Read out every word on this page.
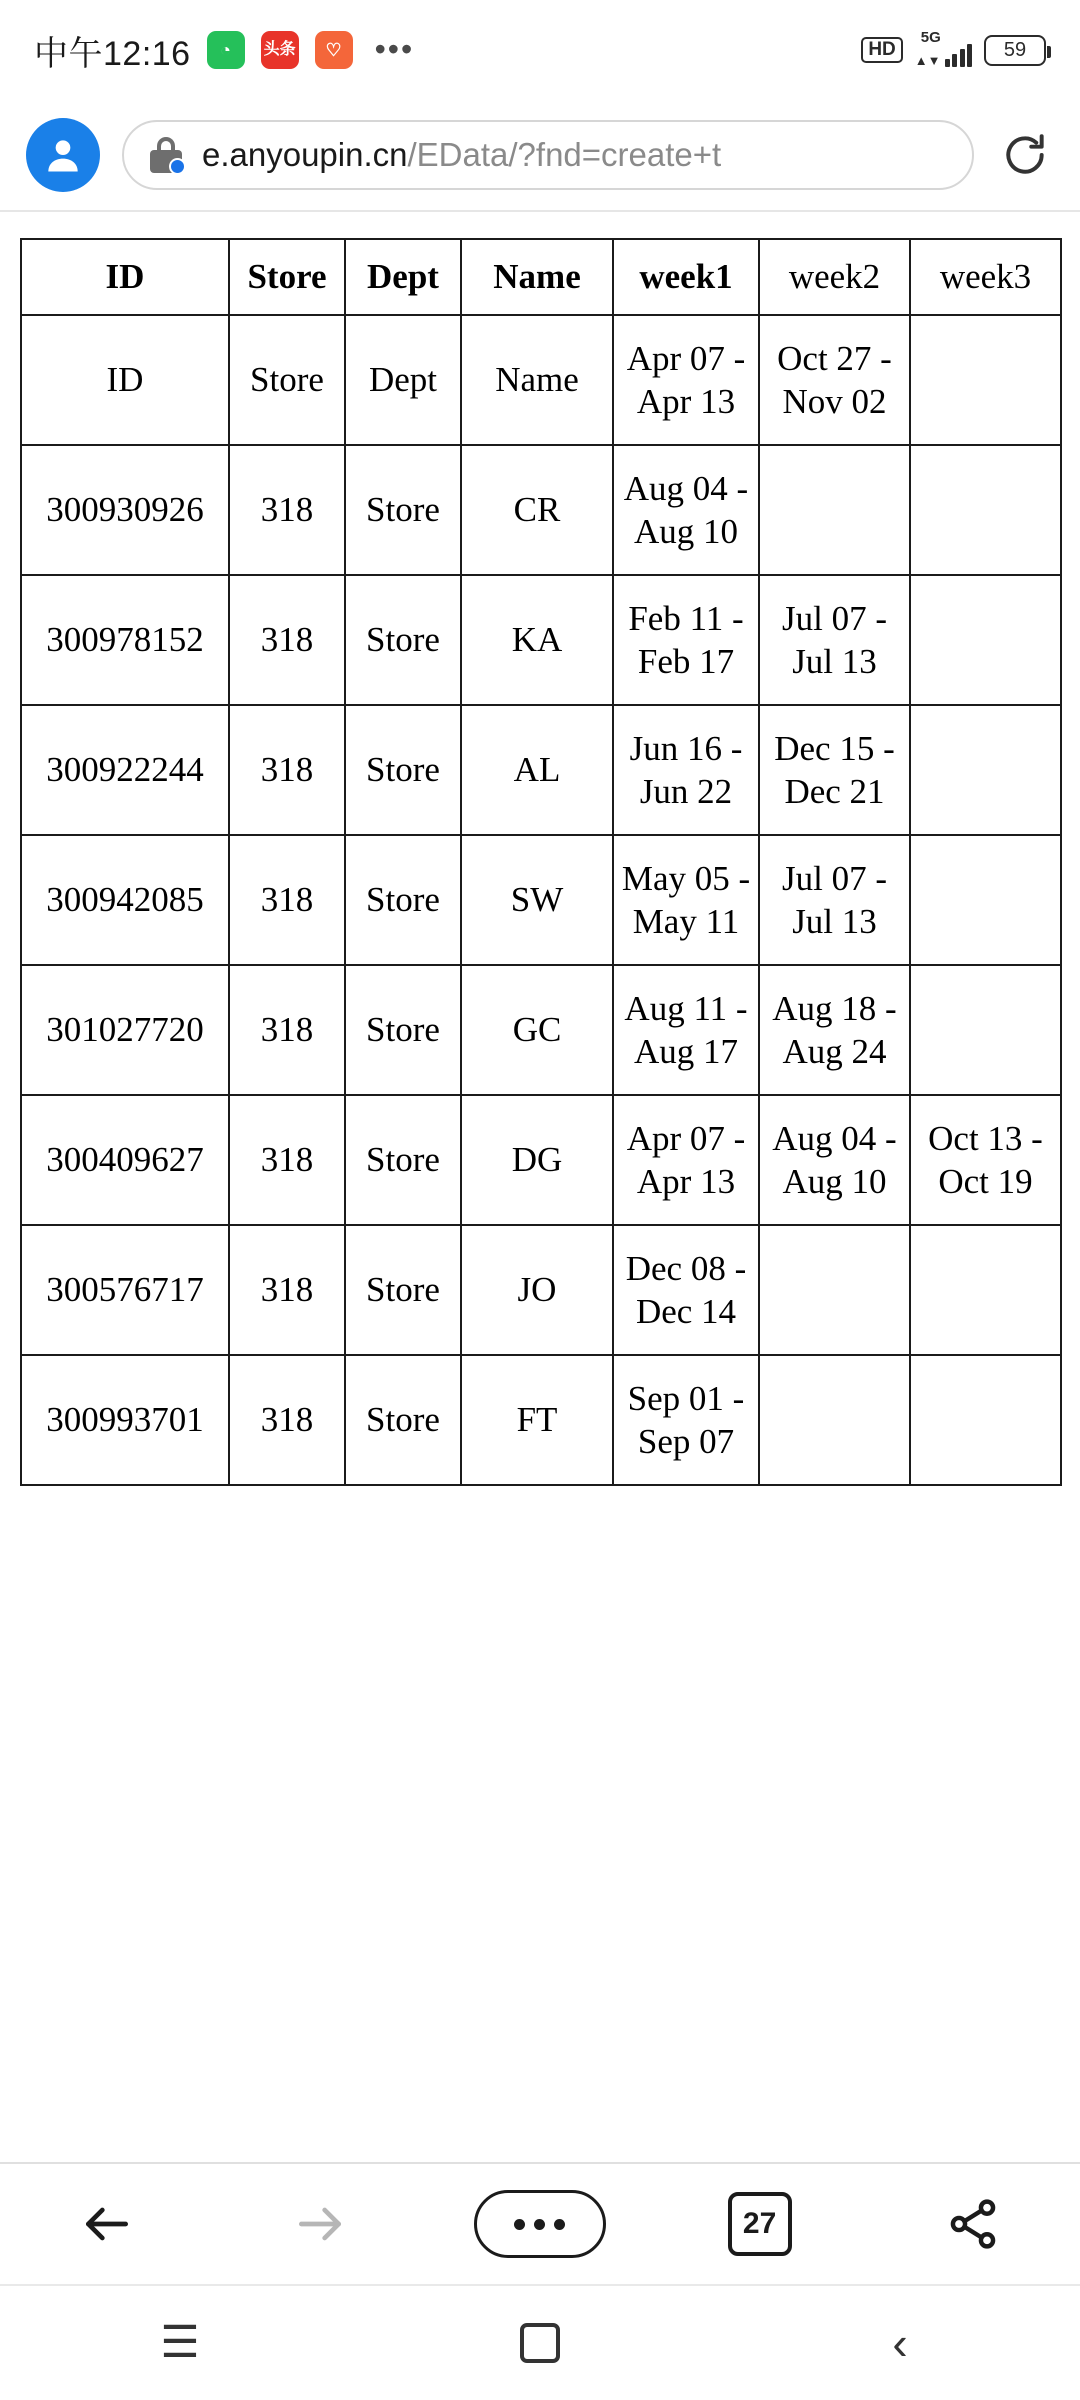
中午12:16	◔	头条	♡	•••	HD
5G
▲▼	59
e.anyoupin.cn/EData/?fnd=create+t
ID	Store	Dept	Name	week1	week2	week3
ID	Store	Dept	Name	Apr 07 - Apr 13	Oct 27 - Nov 02	
300930926	318	Store	CR	Aug 04 - Aug 10		
300978152	318	Store	KA	Feb 11 - Feb 17	Jul 07 - Jul 13	
300922244	318	Store	AL	Jun 16 - Jun 22	Dec 15 - Dec 21	
300942085	318	Store	SW	May 05 - May 11	Jul 07 - Jul 13	
301027720	318	Store	GC	Aug 11 - Aug 17	Aug 18 - Aug 24	
300409627	318	Store	DG	Apr 07 - Apr 13	Aug 04 - Aug 10	Oct 13 - Oct 19
300576717	318	Store	JO	Dec 08 - Dec 14		
300993701	318	Store	FT	Sep 01 - Sep 07		
27
☰	‹
